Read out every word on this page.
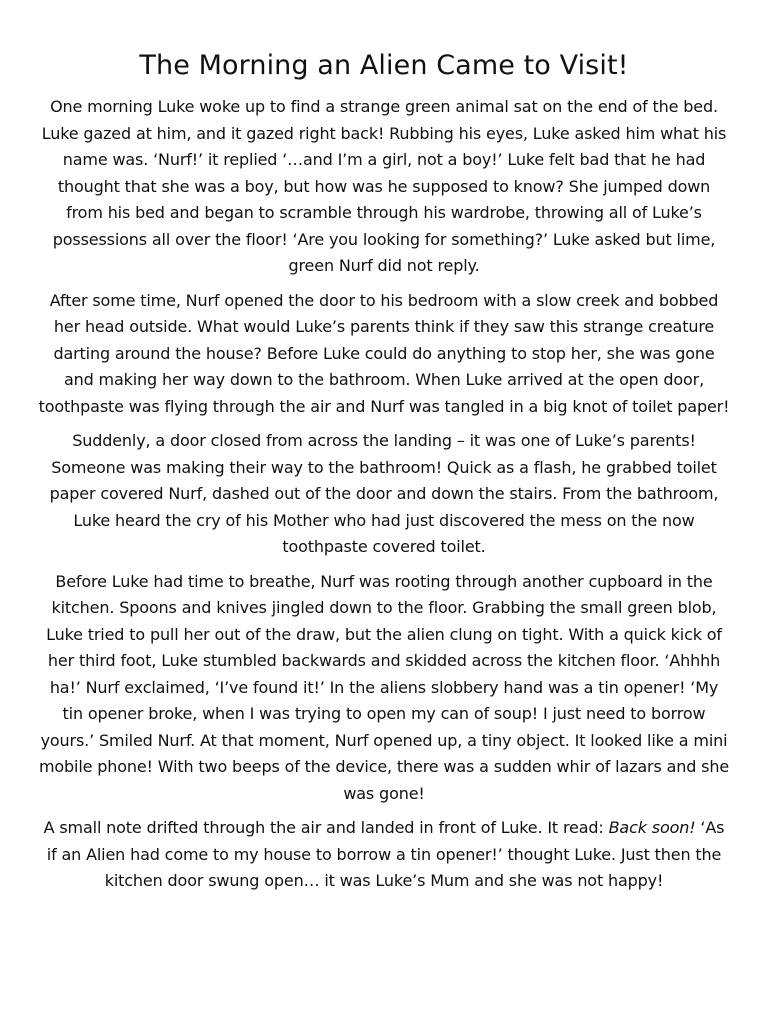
The Morning an Alien Came to Visit!

One morning Luke woke up to find a strange green animal sat on the end of the bed. Luke gazed at him, and it gazed right back! Rubbing his eyes, Luke asked him what his name was. ‘Nurf!’ it replied ‘…and I’m a girl, not a boy!’ Luke felt bad that he had thought that she was a boy, but how was he supposed to know? She jumped down from his bed and began to scramble through his wardrobe, throwing all of Luke’s possessions all over the floor! ‘Are you looking for something?’ Luke asked but lime, green Nurf did not reply.

After some time, Nurf opened the door to his bedroom with a slow creek and bobbed her head outside. What would Luke’s parents think if they saw this strange creature darting around the house? Before Luke could do anything to stop her, she was gone and making her way down to the bathroom. When Luke arrived at the open door, toothpaste was flying through the air and Nurf was tangled in a big knot of toilet paper!

Suddenly, a door closed from across the landing – it was one of Luke’s parents! Someone was making their way to the bathroom! Quick as a flash, he grabbed toilet paper covered Nurf, dashed out of the door and down the stairs. From the bathroom, Luke heard the cry of his Mother who had just discovered the mess on the now toothpaste covered toilet.

Before Luke had time to breathe, Nurf was rooting through another cupboard in the kitchen. Spoons and knives jingled down to the floor. Grabbing the small green blob, Luke tried to pull her out of the draw, but the alien clung on tight. With a quick kick of her third foot, Luke stumbled backwards and skidded across the kitchen floor. ‘Ahhhh ha!’ Nurf exclaimed, ‘I’ve found it!’ In the aliens slobbery hand was a tin opener! ‘My tin opener broke, when I was trying to open my can of soup! I just need to borrow yours.’ Smiled Nurf. At that moment, Nurf opened up, a tiny object. It looked like a mini mobile phone! With two beeps of the device, there was a sudden whir of lazars and she was gone!

A small note drifted through the air and landed in front of Luke. It read: Back soon! ‘As if an Alien had come to my house to borrow a tin opener!’ thought Luke. Just then the kitchen door swung open… it was Luke’s Mum and she was not happy!
